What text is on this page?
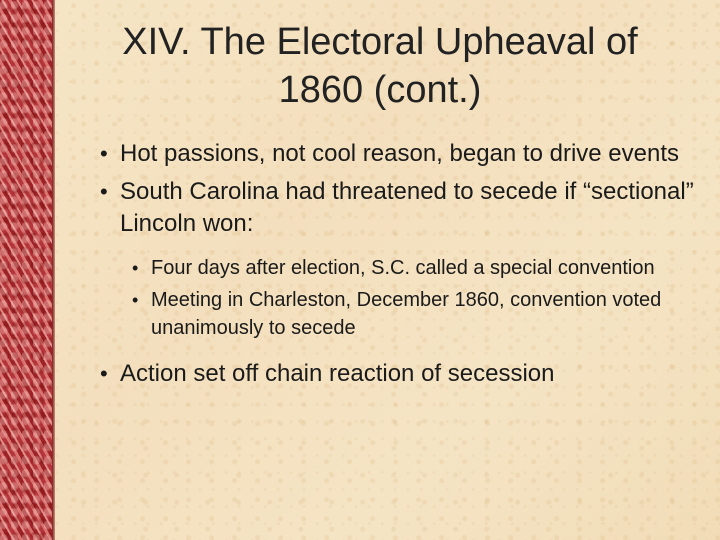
XIV. The Electoral Upheaval of
1860 (cont.)

• Hot passions, not cool reason, began to drive events

• South Carolina had threatened to secede if “sectional” Lincoln won:

• Four days after election, S.C. called a special convention

• Meeting in Charleston, December 1860, convention voted unanimously to secede

• Action set off chain reaction of secession
